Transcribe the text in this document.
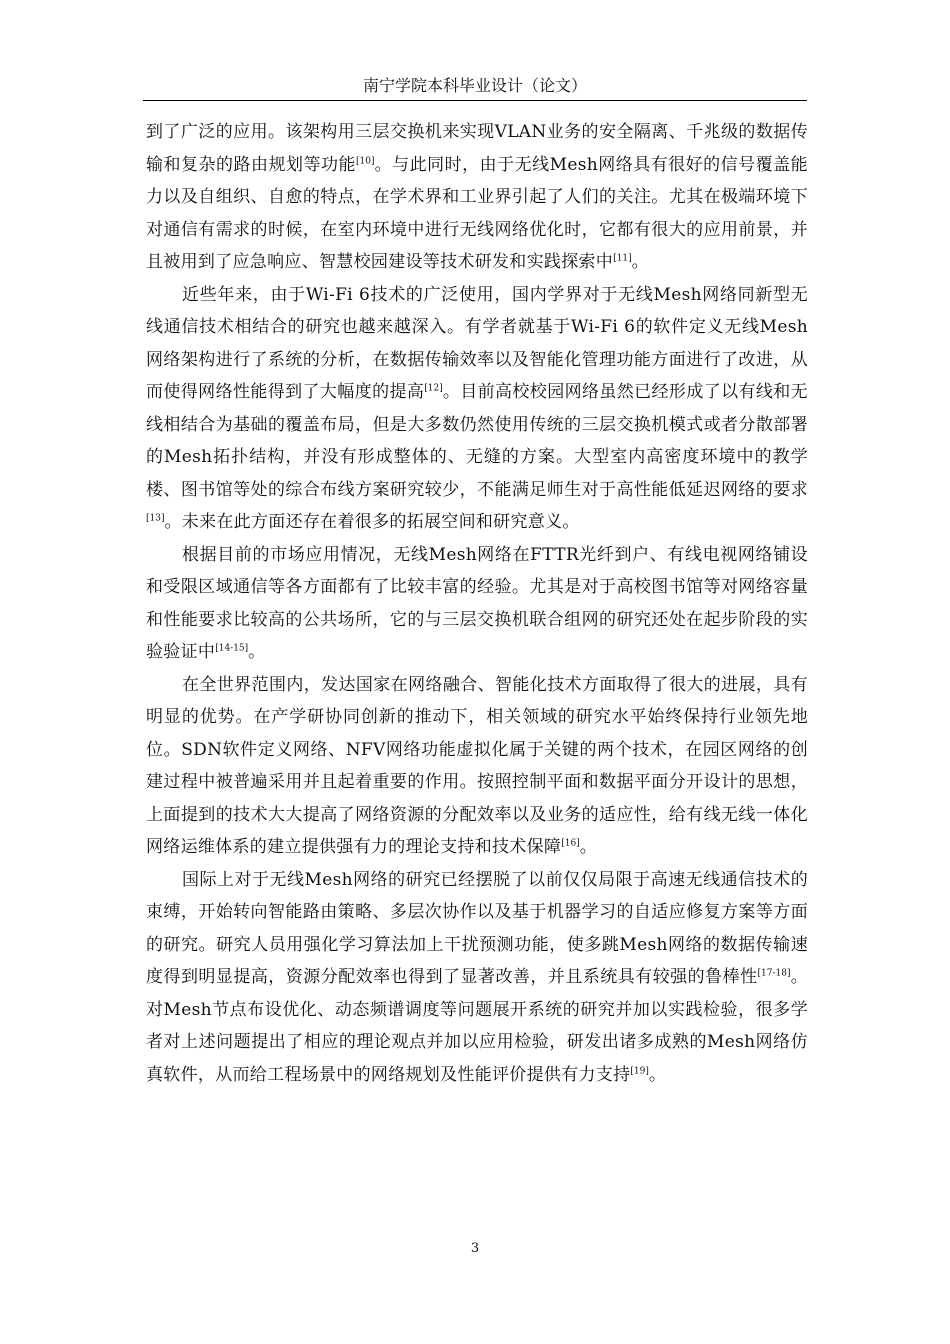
南宁学院本科毕业设计（论文）

到了广泛的应用。该架构用三层交换机来实现VLAN业务的安全隔离、千兆级的数据传输和复杂的路由规划等功能[10]。与此同时，由于无线Mesh网络具有很好的信号覆盖能力以及自组织、自愈的特点，在学术界和工业界引起了人们的关注。尤其在极端环境下对通信有需求的时候，在室内环境中进行无线网络优化时，它都有很大的应用前景，并且被用到了应急响应、智慧校园建设等技术研发和实践探索中[11]。

近些年来，由于Wi-Fi 6技术的广泛使用，国内学界对于无线Mesh网络同新型无线通信技术相结合的研究也越来越深入。有学者就基于Wi-Fi 6的软件定义无线Mesh网络架构进行了系统的分析，在数据传输效率以及智能化管理功能方面进行了改进，从而使得网络性能得到了大幅度的提高[12]。目前高校校园网络虽然已经形成了以有线和无线相结合为基础的覆盖布局，但是大多数仍然使用传统的三层交换机模式或者分散部署的Mesh拓扑结构，并没有形成整体的、无缝的方案。大型室内高密度环境中的教学楼、图书馆等处的综合布线方案研究较少，不能满足师生对于高性能低延迟网络的要求[13]。未来在此方面还存在着很多的拓展空间和研究意义。

根据目前的市场应用情况，无线Mesh网络在FTTR光纤到户、有线电视网络铺设和受限区域通信等各方面都有了比较丰富的经验。尤其是对于高校图书馆等对网络容量和性能要求比较高的公共场所，它的与三层交换机联合组网的研究还处在起步阶段的实验验证中[14-15]。

在全世界范围内，发达国家在网络融合、智能化技术方面取得了很大的进展，具有明显的优势。在产学研协同创新的推动下，相关领域的研究水平始终保持行业领先地位。SDN软件定义网络、NFV网络功能虚拟化属于关键的两个技术，在园区网络的创建过程中被普遍采用并且起着重要的作用。按照控制平面和数据平面分开设计的思想，上面提到的技术大大提高了网络资源的分配效率以及业务的适应性，给有线无线一体化网络运维体系的建立提供强有力的理论支持和技术保障[16]。

国际上对于无线Mesh网络的研究已经摆脱了以前仅仅局限于高速无线通信技术的束缚，开始转向智能路由策略、多层次协作以及基于机器学习的自适应修复方案等方面的研究。研究人员用强化学习算法加上干扰预测功能，使多跳Mesh网络的数据传输速度得到明显提高，资源分配效率也得到了显著改善，并且系统具有较强的鲁棒性[17-18]。对Mesh节点布设优化、动态频谱调度等问题展开系统的研究并加以实践检验，很多学者对上述问题提出了相应的理论观点并加以应用检验，研发出诸多成熟的Mesh网络仿真软件，从而给工程场景中的网络规划及性能评价提供有力支持[19]。

3
